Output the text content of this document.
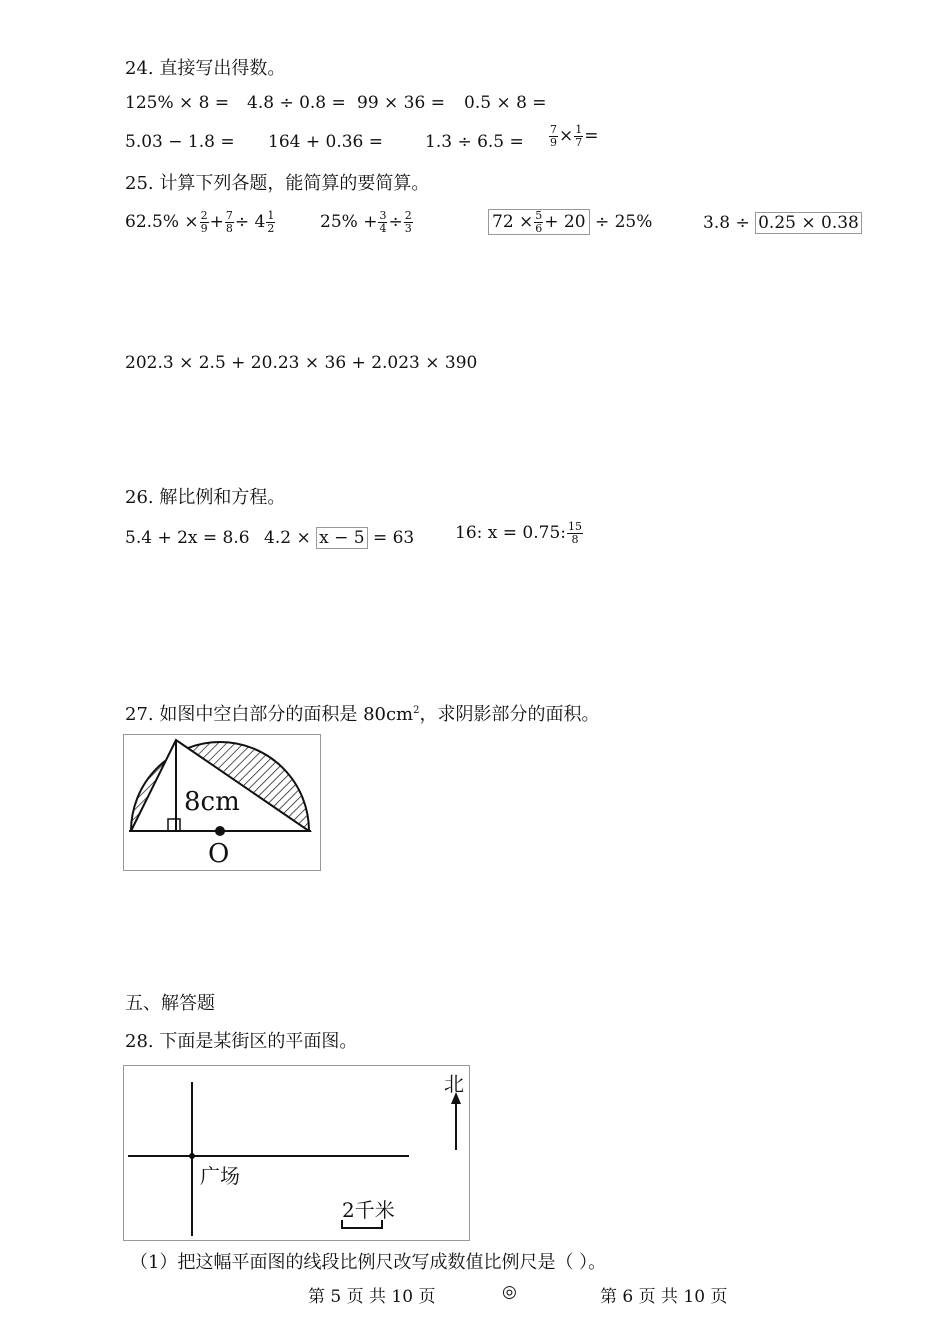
24. 直接写出得数。
125% × 8 = 4.8 ÷ 0.8 = 99 × 36 = 0.5 × 8 =
$5.03 - 1.8 = 164 + 0.36 = 1.3 \div 6.5 = \frac{7}{9} \times \frac{1}{7}$ =
25. 计算下列各题，能简算的要简算。
$62.5\% \times \frac{2}{9} + \frac{7}{8} \div 4 \frac{1}{2}$	$25\% + \frac{3}{4} \div \frac{2}{3}$	$72 \times \frac{5}{6} + 20 \div 25\%$	3.8 ÷ 0.25 × 0.38
202.3 × 2.5 + 20.23 × 36 + 2.023 × 390
26. 解比例和方程。
5.4 + 2x = 8.6 4.2 × x − 5 = 63 16: x = 0.75: $\frac{15}{8}$
27. 如图中空白部分的面积是 $80cm^2$，求阴影部分的面积。
8cm
O
五、解答题
28. 下面是某街区的平面图。
广场
北
2千米
（1）把这幅平面图的线段比例尺改写成数值比例尺是（ ）。
第 5 页 共 10 页	◎	第 6 页 共 10 页
